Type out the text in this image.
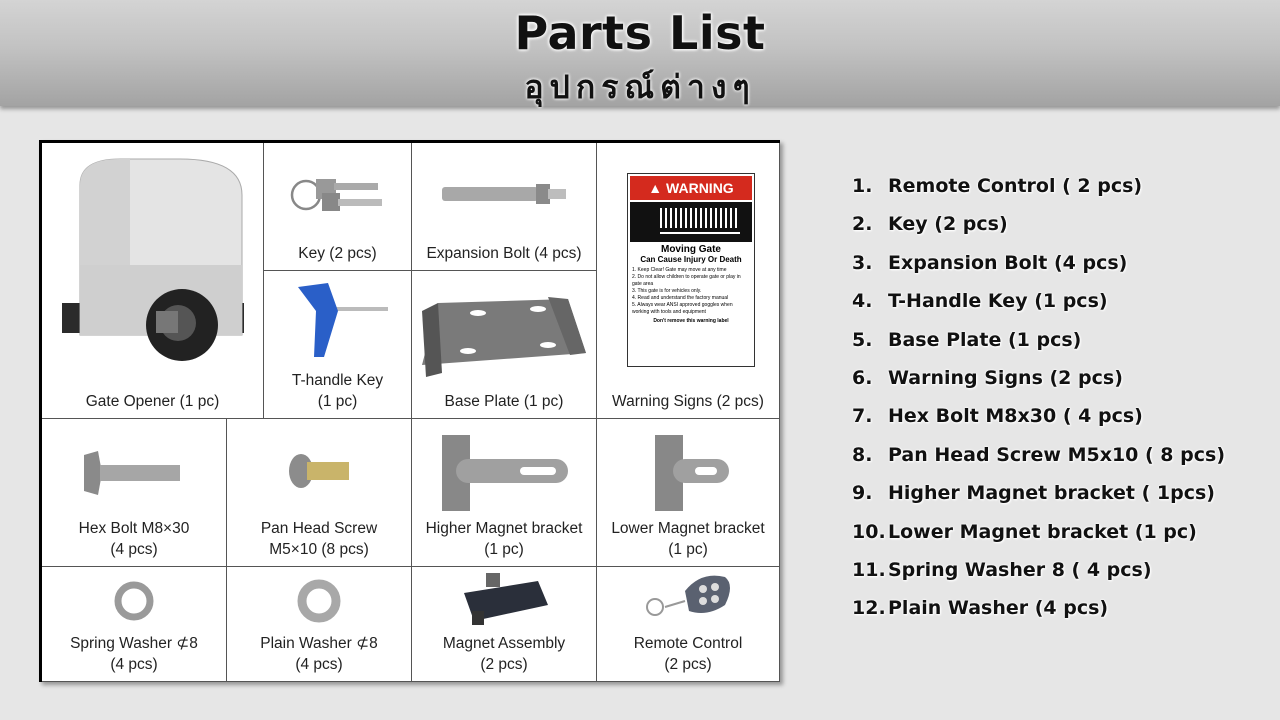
Parts List
อุปกรณ์ต่างๆ
Gate Opener (1 pc)
Key (2 pcs)	Expansion Bolt (4 pcs)
▲ WARNING
Moving Gate
Can Cause Injury Or Death
1. Keep Clear! Gate may move at any time
2. Do not allow children to operate gate or play in gate area
3. This gate is for vehicles only.
4. Read and understand the factory manual
5. Always wear ANSI approved goggles when working with tools and equipment
Don't remove this warning label
Warning Signs (2 pcs)
T-handle Key
(1 pc)	Base Plate (1 pc)
Hex Bolt M8×30
(4 pcs)
Pan Head Screw
M5×10 (8 pcs)
Higher Magnet bracket
(1 pc)
Lower Magnet bracket
(1 pc)
Spring Washer ⊄8
(4 pcs)
Plain Washer ⊄8
(4 pcs)
Magnet Assembly
(2 pcs)
Remote Control
(2 pcs)
1. Remote Control ( 2 pcs)
2. Key (2 pcs)
3. Expansion Bolt (4 pcs)
4. T-Handle Key (1 pcs)
5. Base Plate (1 pcs)
6. Warning Signs (2 pcs)
7. Hex Bolt M8x30 ( 4 pcs)
8. Pan Head Screw M5x10 ( 8 pcs)
9. Higher Magnet bracket ( 1pcs)
10. Lower Magnet bracket (1 pc)
11. Spring Washer 8 ( 4 pcs)
12. Plain Washer (4 pcs)
